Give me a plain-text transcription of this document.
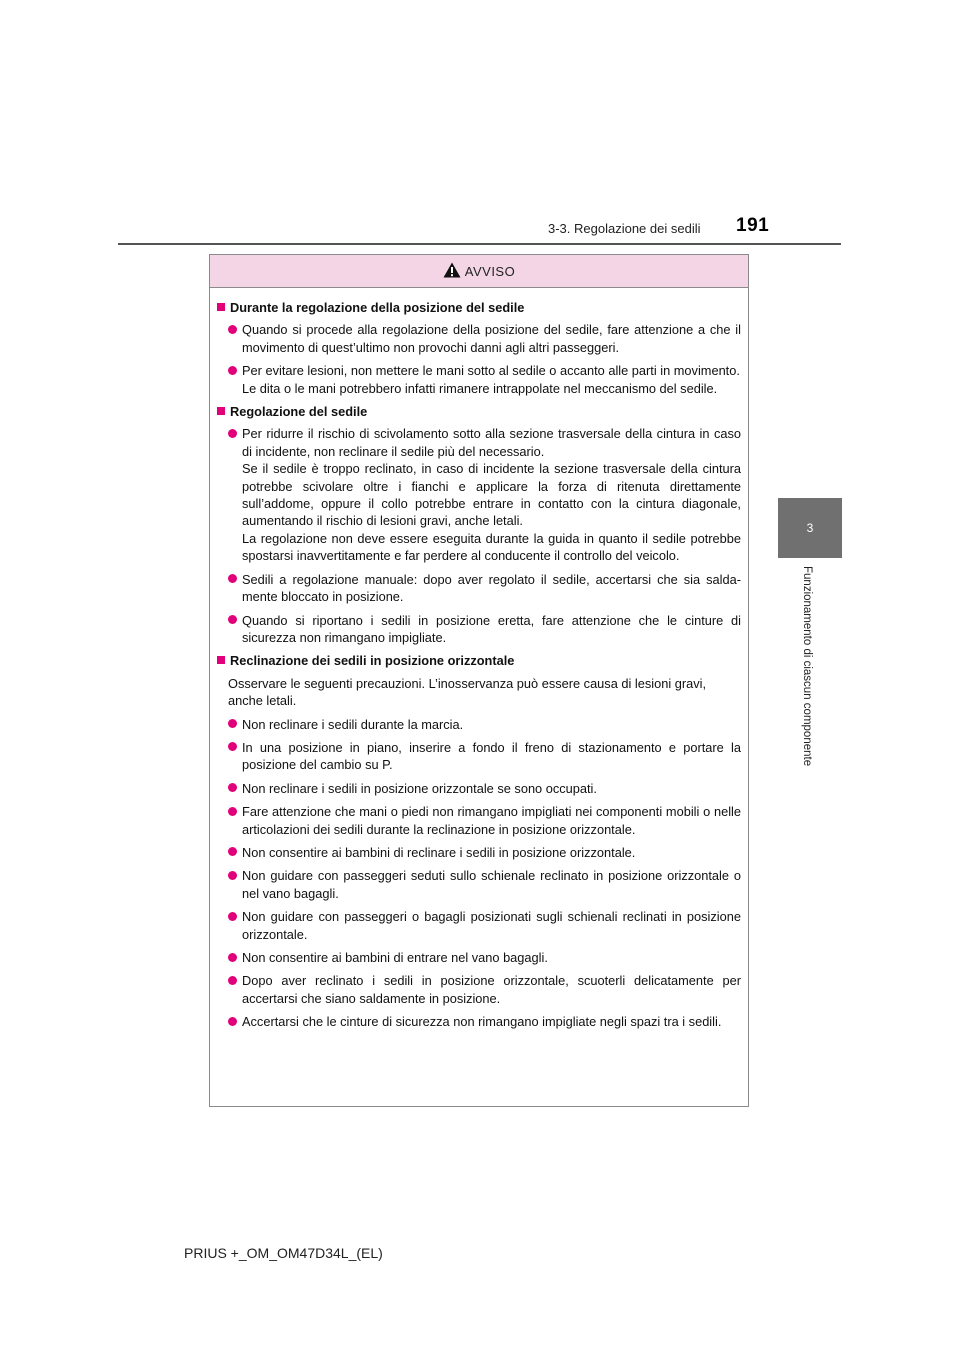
3-3. Regolazione dei sedili 191
3
Funzionamento di ciascun componente
AVVISO
Durante la regolazione della posizione del sedile
Quando si procede alla regolazione della posizione del sedile, fare attenzione a che il movimento di quest’ultimo non provochi danni agli altri passeggeri.
Per evitare lesioni, non mettere le mani sotto al sedile o accanto alle parti in movimento.
Le dita o le mani potrebbero infatti rimanere intrappolate nel meccanismo del sedile.
Regolazione del sedile
Per ridurre il rischio di scivolamento sotto alla sezione trasversale della cintura in caso di incidente, non reclinare il sedile più del necessario.
Se il sedile è troppo reclinato, in caso di incidente la sezione trasversale della cintura potrebbe scivolare oltre i fianchi e applicare la forza di ritenuta direttamente sull’addome, oppure il collo potrebbe entrare in contatto con la cintura diagonale, aumentando il rischio di lesioni gravi, anche letali.
La regolazione non deve essere eseguita durante la guida in quanto il sedile potrebbe spostarsi inavvertitamente e far perdere al conducente il controllo del veicolo.
Sedili a regolazione manuale: dopo aver regolato il sedile, accertarsi che sia saldamente bloccato in posizione.
Quando si riportano i sedili in posizione eretta, fare attenzione che le cinture di sicurezza non rimangano impigliate.
Reclinazione dei sedili in posizione orizzontale
Osservare le seguenti precauzioni. L’inosservanza può essere causa di lesioni gravi, anche letali.
Non reclinare i sedili durante la marcia.
In una posizione in piano, inserire a fondo il freno di stazionamento e portare la posizione del cambio su P.
Non reclinare i sedili in posizione orizzontale se sono occupati.
Fare attenzione che mani o piedi non rimangano impigliati nei componenti mobili o nelle articolazioni dei sedili durante la reclinazione in posizione orizzontale.
Non consentire ai bambini di reclinare i sedili in posizione orizzontale.
Non guidare con passeggeri seduti sullo schienale reclinato in posizione orizzontale o nel vano bagagli.
Non guidare con passeggeri o bagagli posizionati sugli schienali reclinati in posizione orizzontale.
Non consentire ai bambini di entrare nel vano bagagli.
Dopo aver reclinato i sedili in posizione orizzontale, scuoterli delicatamente per accertarsi che siano saldamente in posizione.
Accertarsi che le cinture di sicurezza non rimangano impigliate negli spazi tra i sedili.
PRIUS +_OM_OM47D34L_(EL)
